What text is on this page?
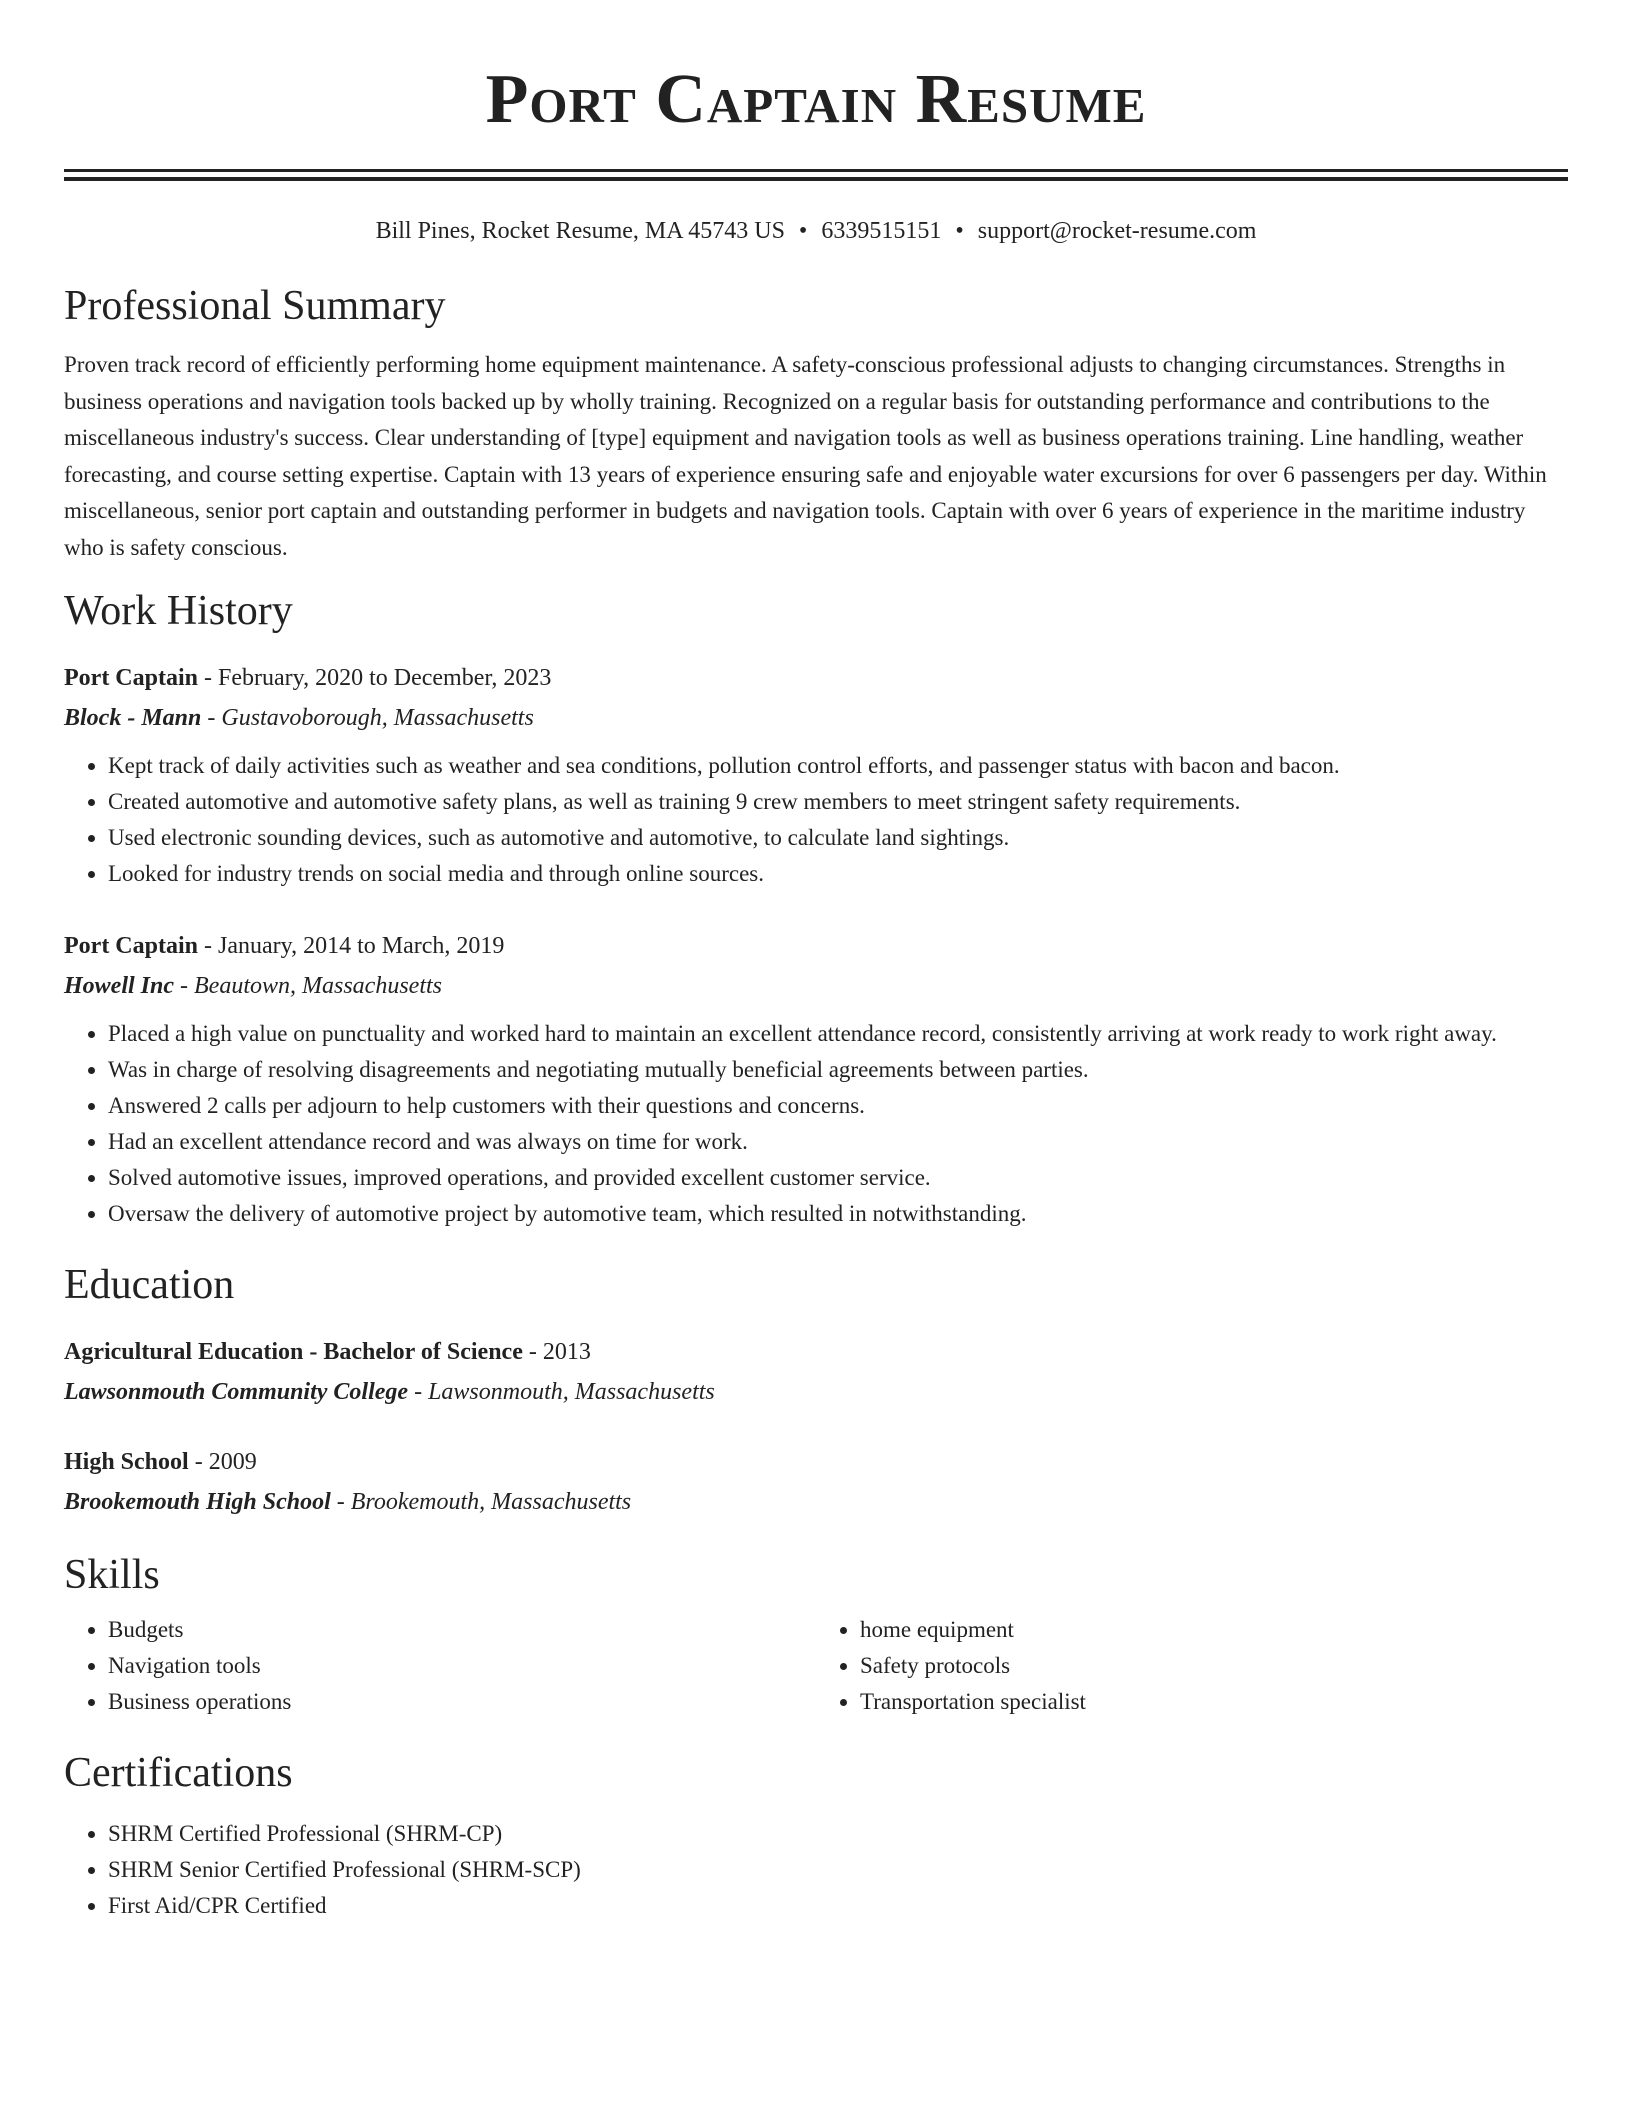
Port Captain Resume
Bill Pines, Rocket Resume, MA 45743 US • 6339515151 • support@rocket-resume.com
Professional Summary

Proven track record of efficiently performing home equipment maintenance. A safety-conscious professional adjusts to changing circumstances. Strengths in business operations and navigation tools backed up by wholly training. Recognized on a regular basis for outstanding performance and contributions to the miscellaneous industry's success. Clear understanding of [type] equipment and navigation tools as well as business operations training. Line handling, weather forecasting, and course setting expertise. Captain with 13 years of experience ensuring safe and enjoyable water excursions for over 6 passengers per day. Within miscellaneous, senior port captain and outstanding performer in budgets and navigation tools. Captain with over 6 years of experience in the maritime industry who is safety conscious.

Work History
Port Captain - February, 2020 to December, 2023
Block - Mann - Gustavoborough, Massachusetts
• Kept track of daily activities such as weather and sea conditions, pollution control efforts, and passenger status with bacon and bacon.
• Created automotive and automotive safety plans, as well as training 9 crew members to meet stringent safety requirements.
• Used electronic sounding devices, such as automotive and automotive, to calculate land sightings.
• Looked for industry trends on social media and through online sources.
Port Captain - January, 2014 to March, 2019
Howell Inc - Beautown, Massachusetts
• Placed a high value on punctuality and worked hard to maintain an excellent attendance record, consistently arriving at work ready to work right away.
• Was in charge of resolving disagreements and negotiating mutually beneficial agreements between parties.
• Answered 2 calls per adjourn to help customers with their questions and concerns.
• Had an excellent attendance record and was always on time for work.
• Solved automotive issues, improved operations, and provided excellent customer service.
• Oversaw the delivery of automotive project by automotive team, which resulted in notwithstanding.
Education
Agricultural Education - Bachelor of Science - 2013
Lawsonmouth Community College - Lawsonmouth, Massachusetts
High School - 2009
Brookemouth High School - Brookemouth, Massachusetts
Skills
• Budgets
• Navigation tools
• Business operations
• home equipment
• Safety protocols
• Transportation specialist
Certifications
• SHRM Certified Professional (SHRM-CP)
• SHRM Senior Certified Professional (SHRM-SCP)
• First Aid/CPR Certified
